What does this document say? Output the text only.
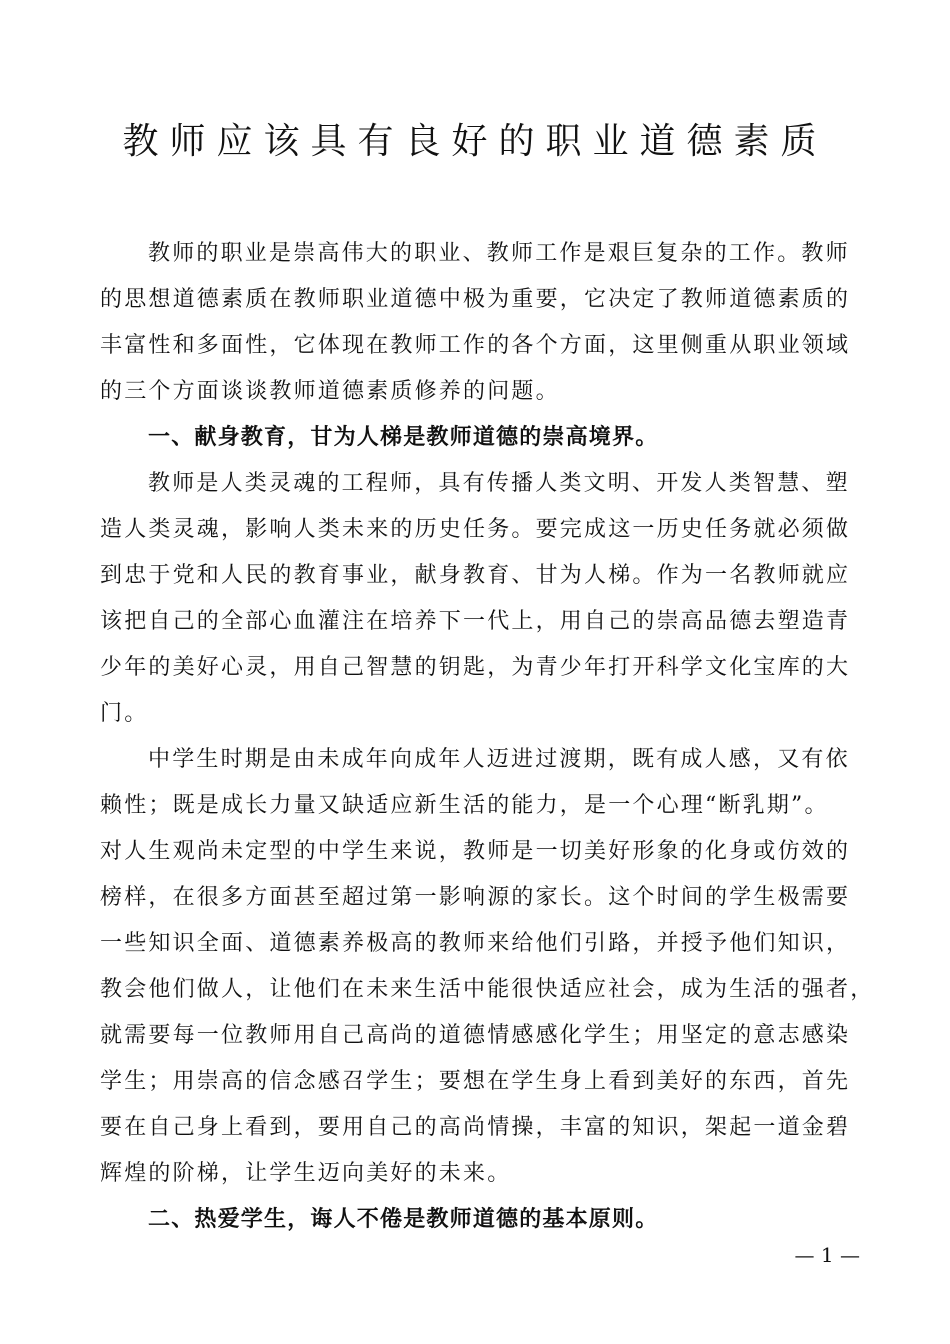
教师应该具有良好的职业道德素质
教师的职业是崇高伟大的职业、教师工作是艰巨复杂的工作。教师
的思想道德素质在教师职业道德中极为重要，它决定了教师道德素质的
丰富性和多面性，它体现在教师工作的各个方面，这里侧重从职业领域
的三个方面谈谈教师道德素质修养的问题。
一、献身教育，甘为人梯是教师道德的崇高境界。
教师是人类灵魂的工程师，具有传播人类文明、开发人类智慧、塑
造人类灵魂，影响人类未来的历史任务。要完成这一历史任务就必须做
到忠于党和人民的教育事业，献身教育、甘为人梯。作为一名教师就应
该把自己的全部心血灌注在培养下一代上，用自己的崇高品德去塑造青
少年的美好心灵，用自己智慧的钥匙，为青少年打开科学文化宝库的大
门。
中学生时期是由未成年向成年人迈进过渡期，既有成人感，又有依
赖性；既是成长力量又缺适应新生活的能力，是一个心理“断乳期”。
对人生观尚未定型的中学生来说，教师是一切美好形象的化身或仿效的
榜样，在很多方面甚至超过第一影响源的家长。这个时间的学生极需要
一些知识全面、道德素养极高的教师来给他们引路，并授予他们知识，
教会他们做人，让他们在未来生活中能很快适应社会，成为生活的强者，
就需要每一位教师用自己高尚的道德情感感化学生；用坚定的意志感染
学生；用崇高的信念感召学生；要想在学生身上看到美好的东西，首先
要在自己身上看到，要用自己的高尚情操，丰富的知识，架起一道金碧
辉煌的阶梯，让学生迈向美好的未来。
二、热爱学生，诲人不倦是教师道德的基本原则。
— 1 —
